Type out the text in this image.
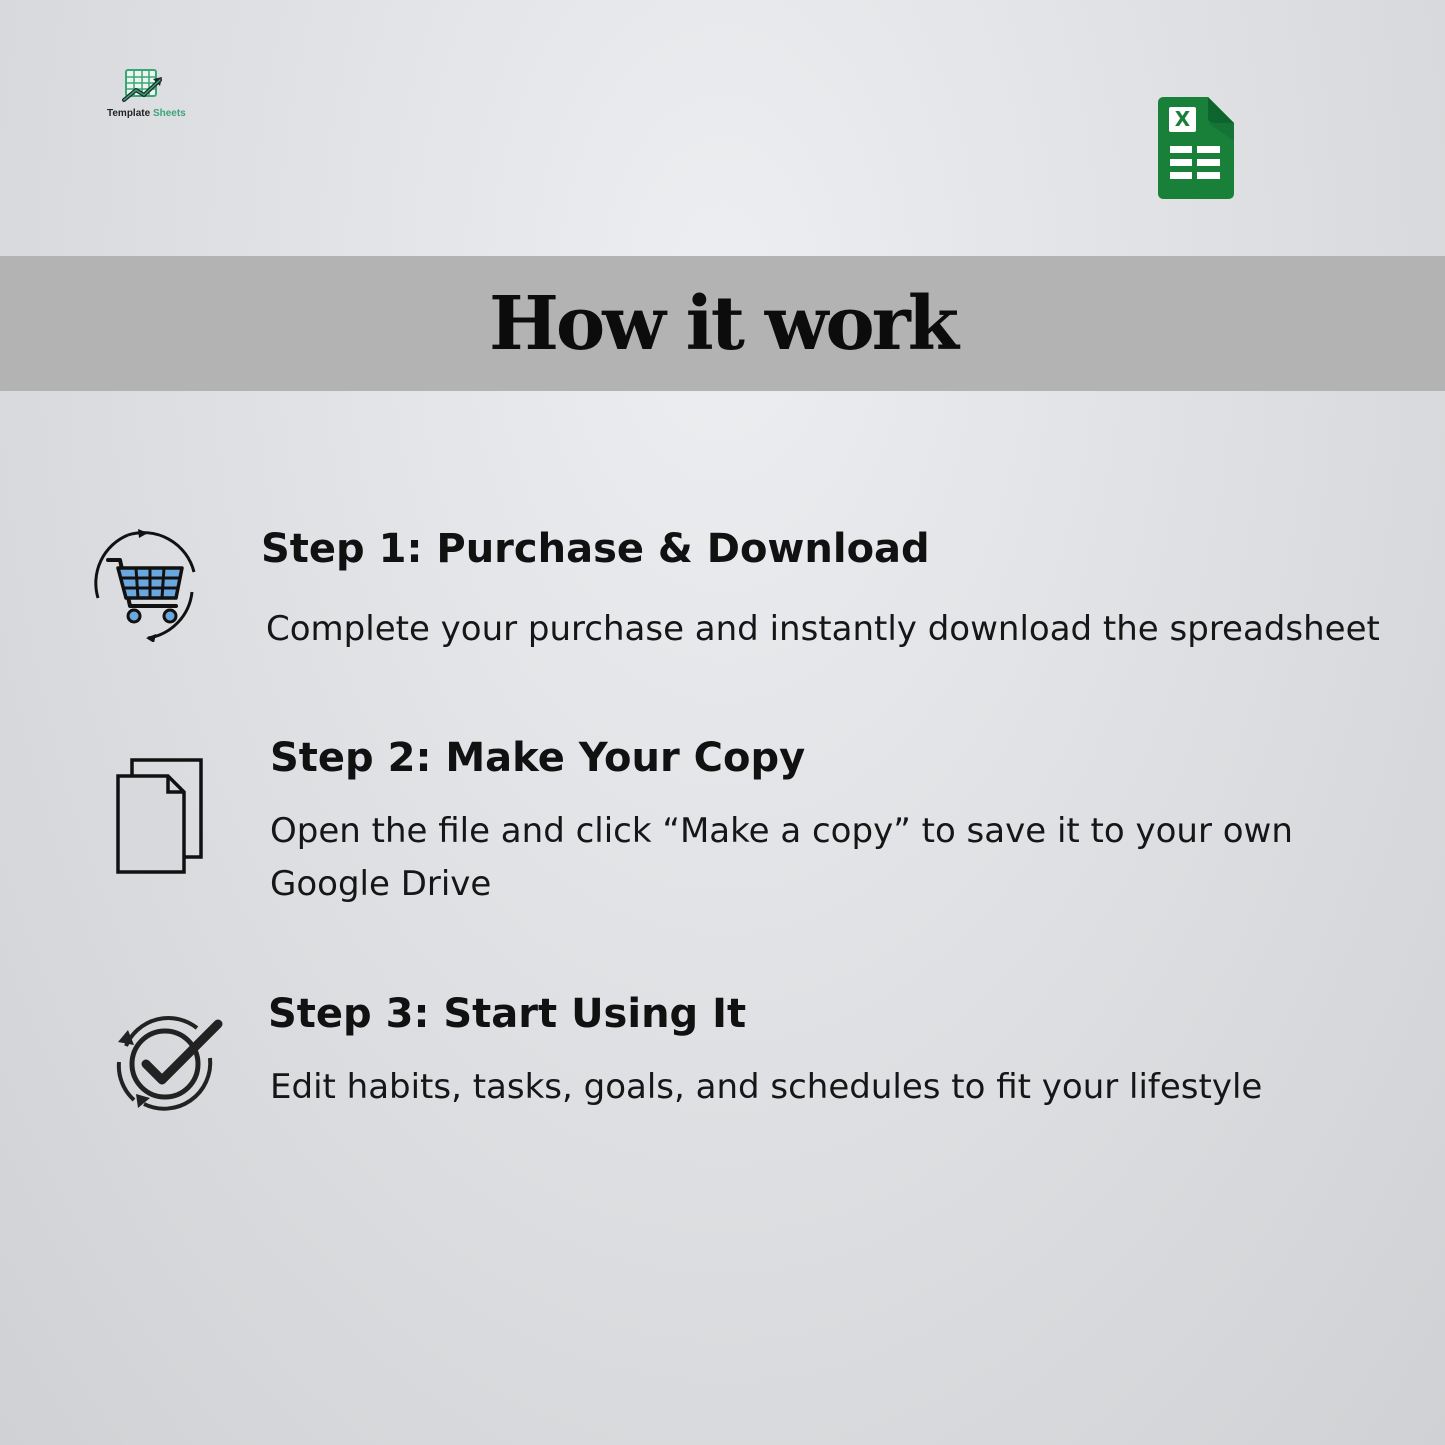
Template Sheets	X
How it work
Step 1: Purchase & Download

Complete your purchase and instantly download the spreadsheet

Step 2: Make Your Copy

Open the file and click “Make a copy” to save it to your own Google Drive

Step 3: Start Using It

Edit habits, tasks, goals, and schedules to fit your lifestyle
